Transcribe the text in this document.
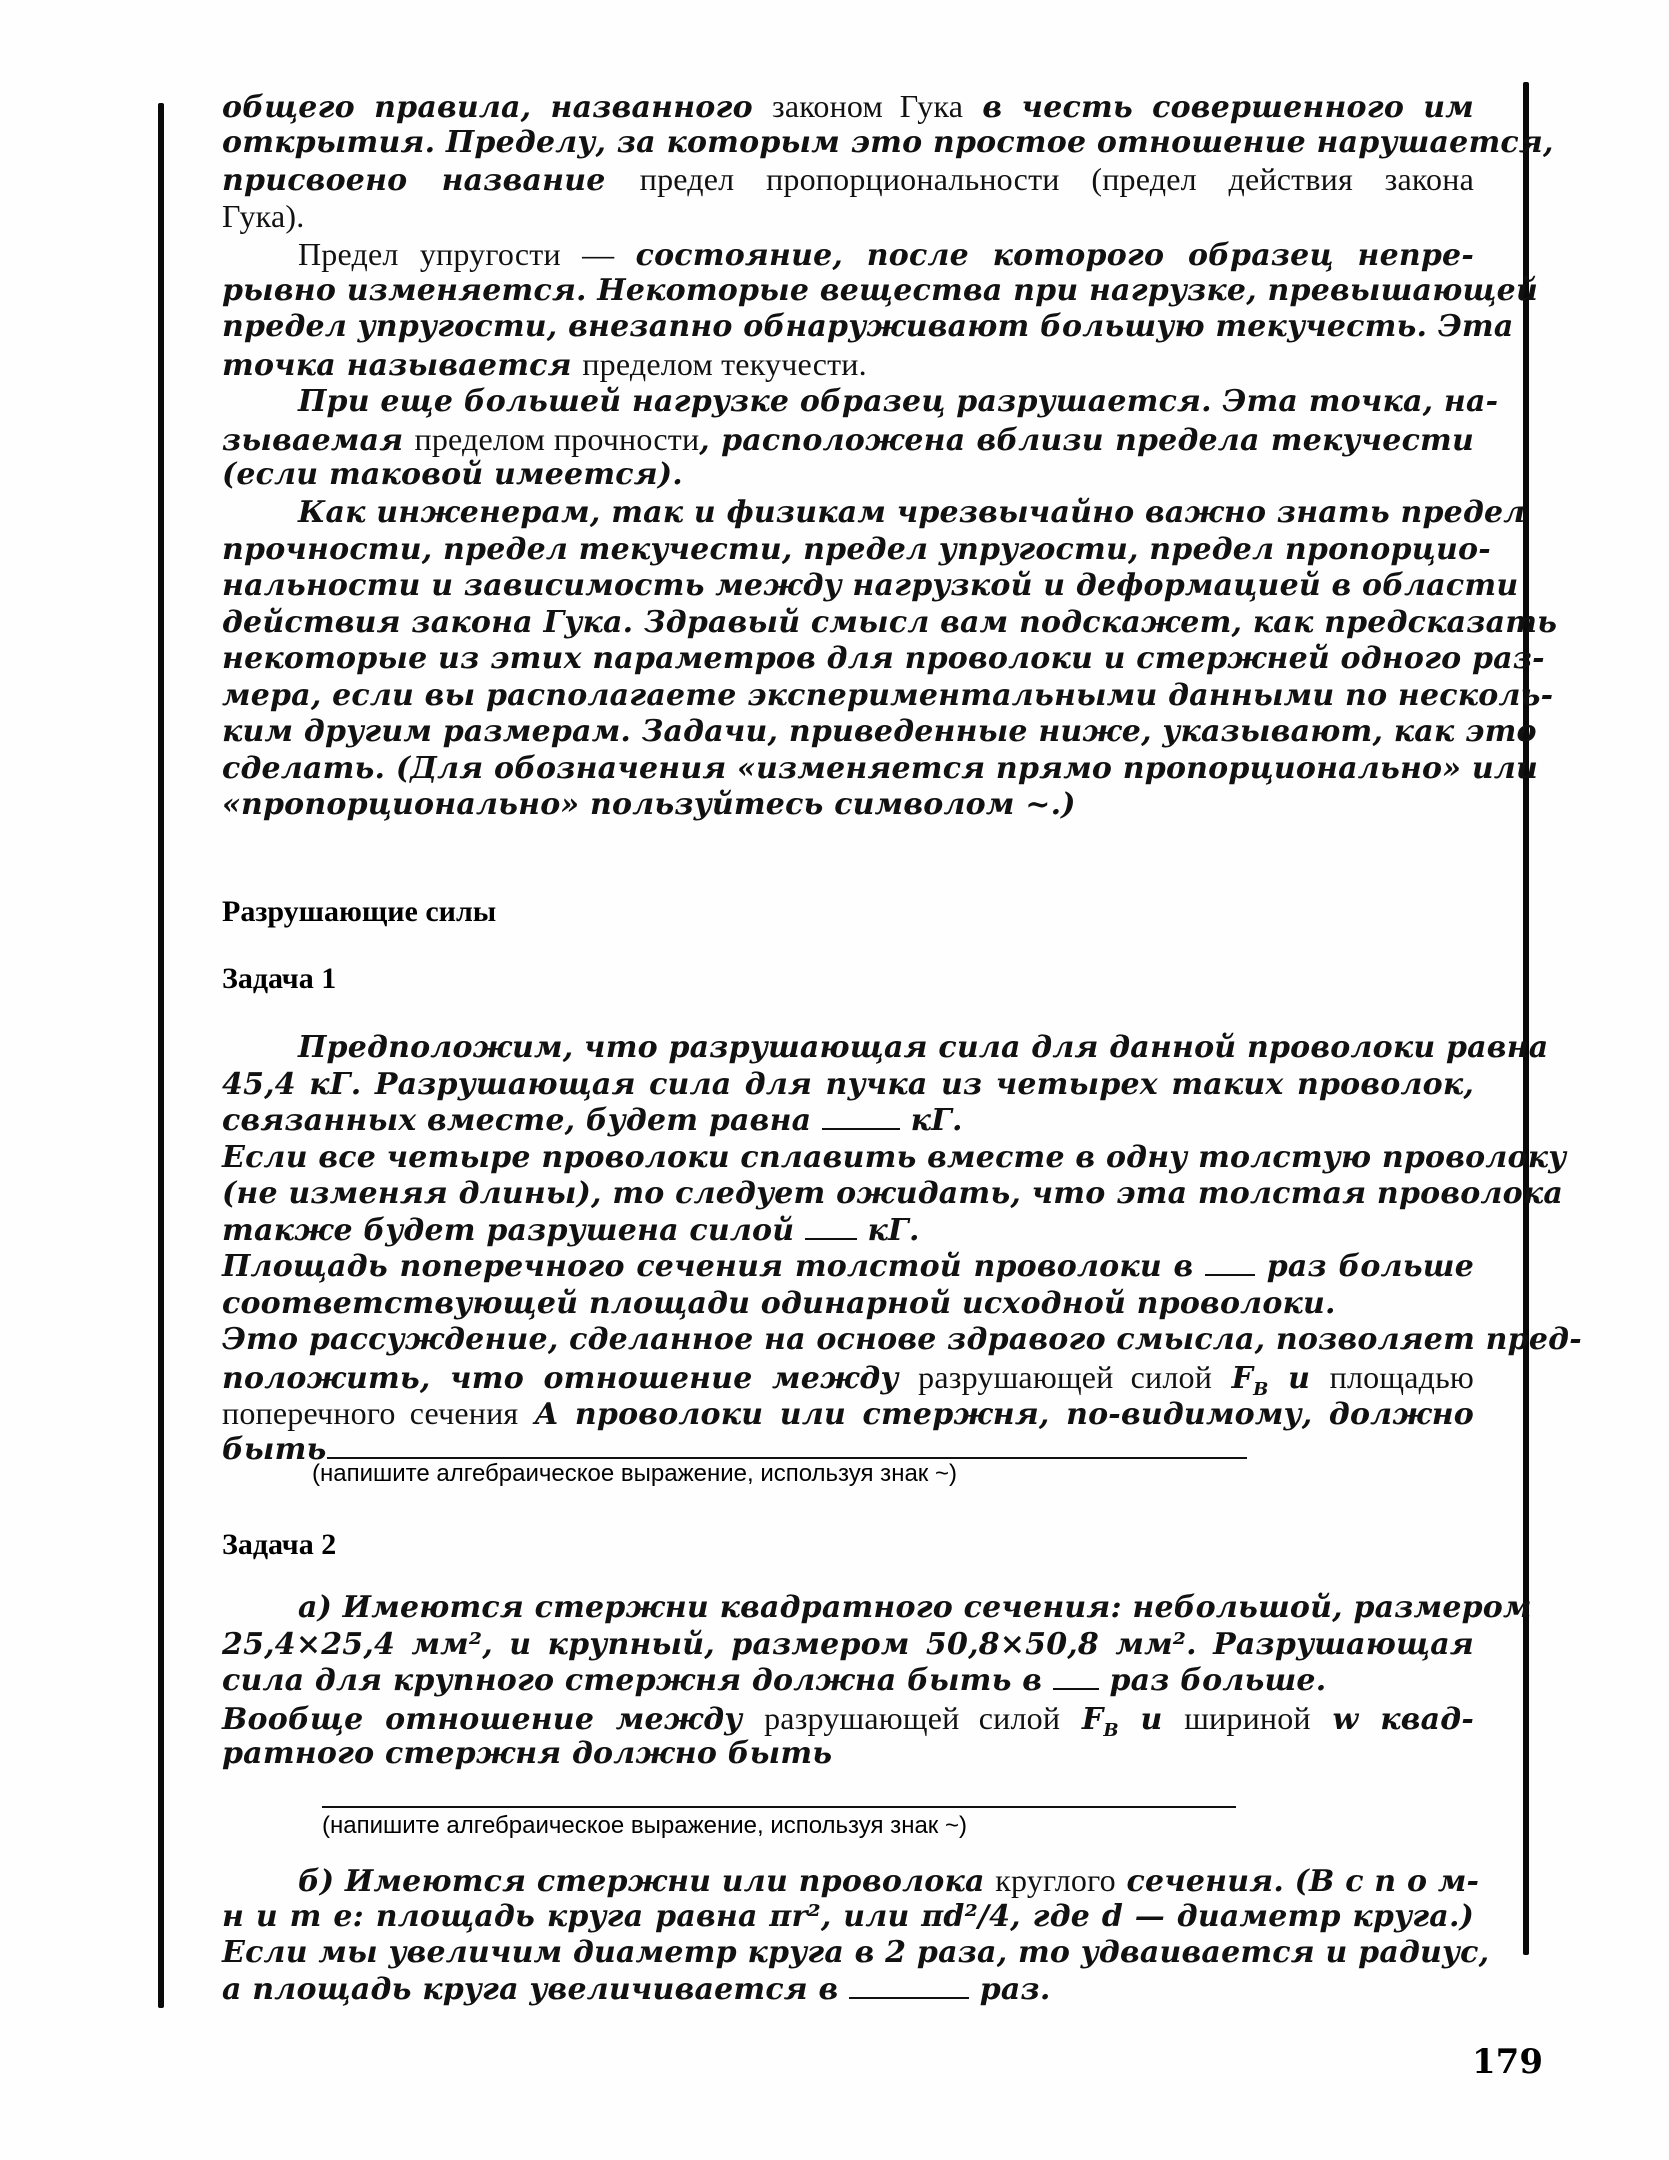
общего правила, названного законом Гука в честь совершенного им
открытия. Пределу, за которым это простое отношение нарушается,
присвоено название предел пропорциональности (предел действия закона
Гука).
Предел упругости — состояние, после которого образец непре-
рывно изменяется. Некоторые вещества при нагрузке, превышающей
предел упругости, внезапно обнаруживают большую текучесть. Эта
точка называется пределом текучести.
При еще большей нагрузке образец разрушается. Эта точка, на-
зываемая пределом прочности, расположена вблизи предела текучести
(если таковой имеется).
Как инженерам, так и физикам чрезвычайно важно знать предел
прочности, предел текучести, предел упругости, предел пропорцио-
нальности и зависимость между нагрузкой и деформацией в области
действия закона Гука. Здравый смысл вам подскажет, как предсказать
некоторые из этих параметров для проволоки и стержней одного раз-
мера, если вы располагаете экспериментальными данными по несколь-
ким другим размерам. Задачи, приведенные ниже, указывают, как это
сделать. (Для обозначения «изменяется прямо пропорционально» или
«пропорционально» пользуйтесь символом ~.)
Разрушающие силы
Задача 1
Предположим, что разрушающая сила для данной проволоки равна
45,4 кГ. Разрушающая сила для пучка из четырех таких проволок,
связанных вместе, будет равна	кГ.
Если все четыре проволоки сплавить вместе в одну толстую проволоку
(не изменяя длины), то следует ожидать, что эта толстая проволока
также будет разрушена силой  кГ.
Площадь поперечного сечения толстой проволоки в  раз больше
соответствующей площади одинарной исходной проволоки.
Это рассуждение, сделанное на основе здравого смысла, позволяет пред-
положить, что отношение между разрушающей силой $F_B$ и площадью
поперечного сечения A проволоки или стержня, по-видимому, должно
быть
(напишите алгебраическое выражение, используя знак ~)
Задача 2
а) Имеются стержни квадратного сечения: небольшой, размером
25,4×25,4 мм², и крупный, размером 50,8×50,8 мм². Разрушающая
сила для крупного стержня должна быть в  раз больше.
Вообще отношение между разрушающей силой $F_B$ и шириной w квад-
ратного стержня должно быть
(напишите алгебраическое выражение, используя знак ~)
б) Имеются стержни или проволока круглого сечения. (В с п о м-
н и т е: площадь круга равна πr², или πd²/4, где d — диаметр круга.)
Если мы увеличим диаметр круга в 2 раза, то удваивается и радиус,
а площадь круга увеличивается в	раз.
179
